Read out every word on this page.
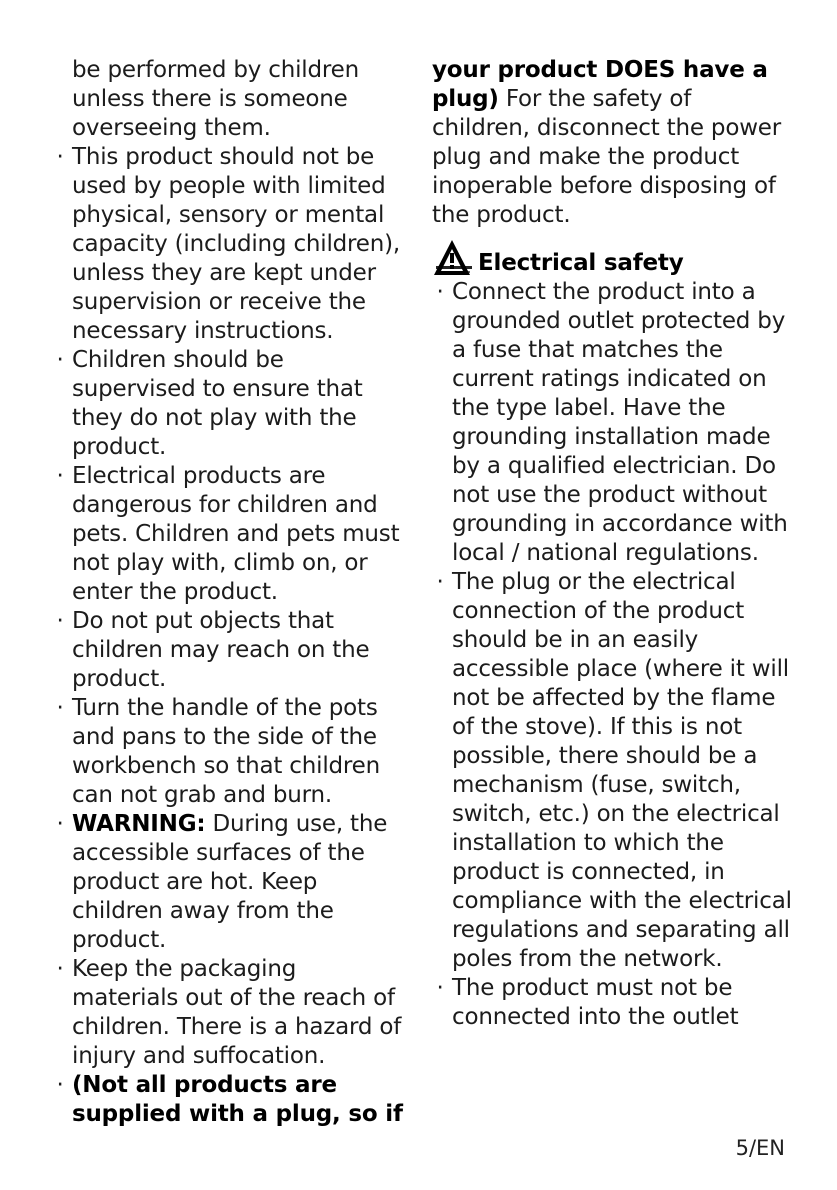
be performed by children unless there is someone overseeing them.

· This product should not be used by people with limited physical, sensory or mental capacity (including children), unless they are kept under supervision or receive the necessary instructions.
· Children should be supervised to ensure that they do not play with the product.
· Electrical products are dangerous for children and pets. Children and pets must not play with, climb on, or enter the product.
· Do not put objects that children may reach on the product.
· Turn the handle of the pots and pans to the side of the workbench so that children can not grab and burn.
· WARNING: During use, the accessible surfaces of the product are hot. Keep children away from the product.
· Keep the packaging materials out of the reach of children. There is a hazard of injury and suffocation.
· (Not all products are supplied with a plug, so if

your product DOES have a plug) For the safety of children, disconnect the power plug and make the product inoperable before disposing of the product.

Electrical safety
· Connect the product into a grounded outlet protected by a fuse that matches the current ratings indicated on the type label. Have the grounding installation made by a qualified electrician. Do not use the product without grounding in accordance with local / national regulations.
· The plug or the electrical connection of the product should be in an easily accessible place (where it will not be affected by the flame of the stove). If this is not possible, there should be a mechanism (fuse, switch, switch, etc.) on the electrical installation to which the product is connected, in compliance with the electrical regulations and separating all poles from the network.
· The product must not be connected into the outlet
5/EN
